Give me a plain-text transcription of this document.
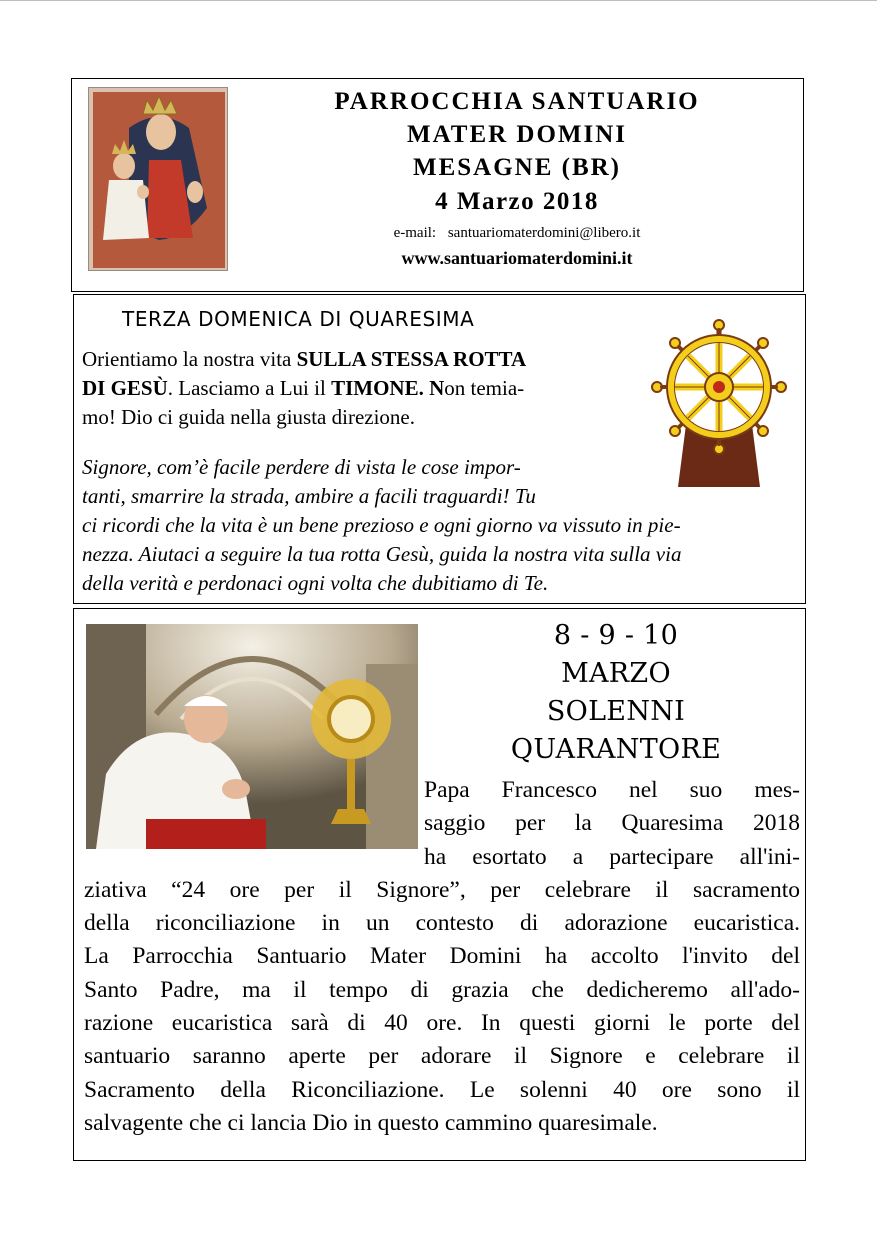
PARROCCHIA SANTUARIO
MATER DOMINI
MESAGNE (BR)
4 Marzo 2018
e-mail: santuariomaterdomini@libero.it
www.santuariomaterdomini.it
TERZA DOMENICA DI QUARESIMA
Orientiamo la nostra vita SULLA STESSA ROTTA
DI GESÙ. Lasciamo a Lui il TIMONE. Non temia-
mo! Dio ci guida nella giusta direzione.
Signore, com’è facile perdere di vista le cose impor-
tanti, smarrire la strada, ambire a facili traguardi! Tu
ci ricordi che la vita è un bene prezioso e ogni giorno va vissuto in pie-
nezza. Aiutaci a seguire la tua rotta Gesù, guida la nostra vita sulla via
della verità e perdonaci ogni volta che dubitiamo di Te.
8 - 9 - 10
MARZO
SOLENNI
QUARANTORE
Papa Francesco nel suo mes-
saggio per la Quaresima 2018
ha esortato a partecipare all'ini-
ziativa “24 ore per il Signore”, per celebrare il sacramento
della riconciliazione in un contesto di adorazione eucaristica.
La Parrocchia Santuario Mater Domini ha accolto l'invito del
Santo Padre, ma il tempo di grazia che dedicheremo all'ado-
razione eucaristica sarà di 40 ore. In questi giorni le porte del
santuario saranno aperte per adorare il Signore e celebrare il
Sacramento della Riconciliazione. Le solenni 40 ore sono il
salvagente che ci lancia Dio in questo cammino quaresimale.
